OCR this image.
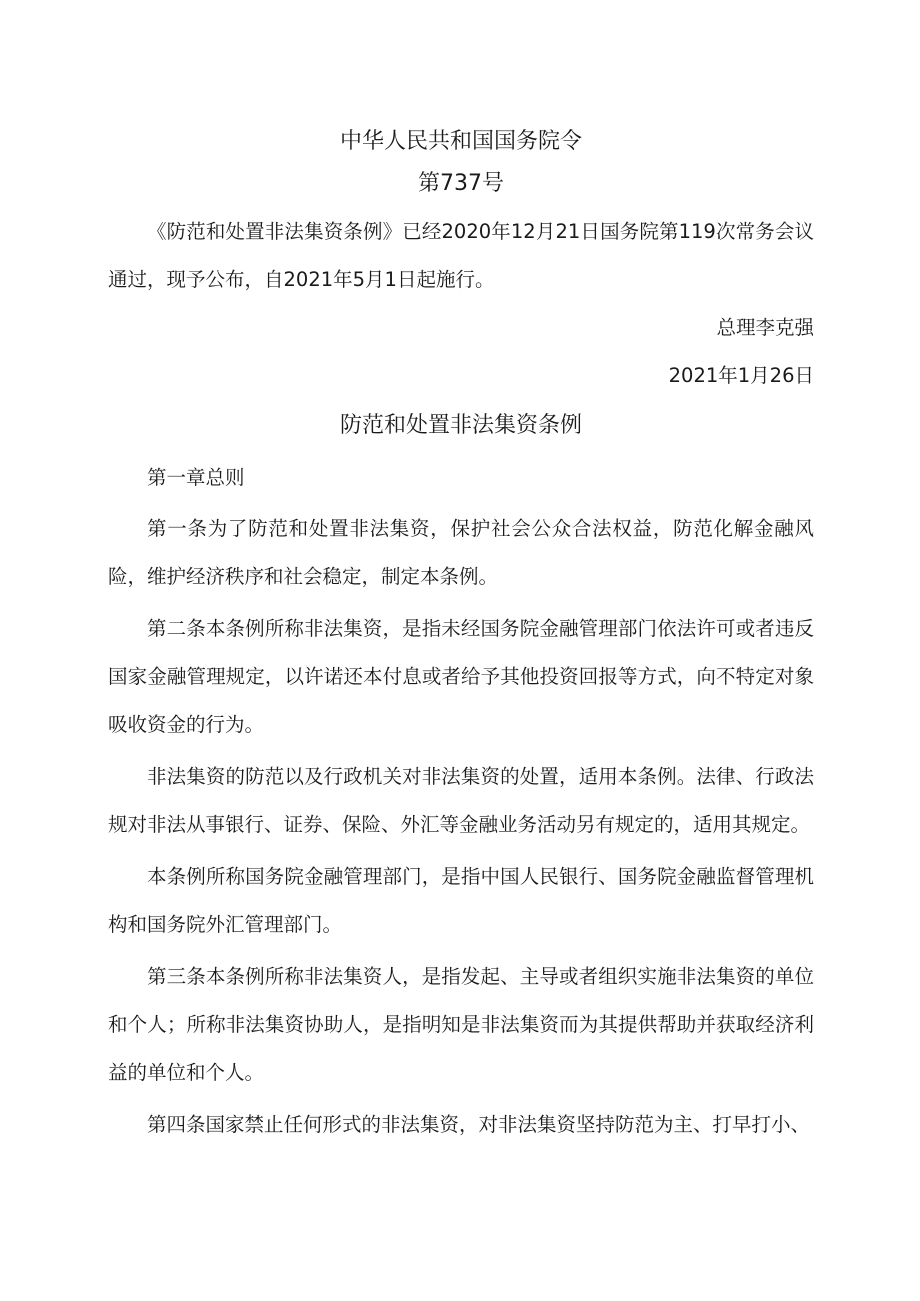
中华人民共和国国务院令
第737号

《防范和处置非法集资条例》已经2020年12月21日国务院第119次常务会议通过，现予公布，自2021年5月1日起施行。

总理李克强

2021年1月26日

防范和处置非法集资条例

第一章总则

第一条为了防范和处置非法集资，保护社会公众合法权益，防范化解金融风险，维护经济秩序和社会稳定，制定本条例。

第二条本条例所称非法集资，是指未经国务院金融管理部门依法许可或者违反国家金融管理规定，以许诺还本付息或者给予其他投资回报等方式，向不特定对象吸收资金的行为。

非法集资的防范以及行政机关对非法集资的处置，适用本条例。法律、行政法规对非法从事银行、证券、保险、外汇等金融业务活动另有规定的，适用其规定。

本条例所称国务院金融管理部门，是指中国人民银行、国务院金融监督管理机构和国务院外汇管理部门。

第三条本条例所称非法集资人，是指发起、主导或者组织实施非法集资的单位和个人；所称非法集资协助人，是指明知是非法集资而为其提供帮助并获取经济利益的单位和个人。

第四条国家禁止任何形式的非法集资，对非法集资坚持防范为主、打早打小、
